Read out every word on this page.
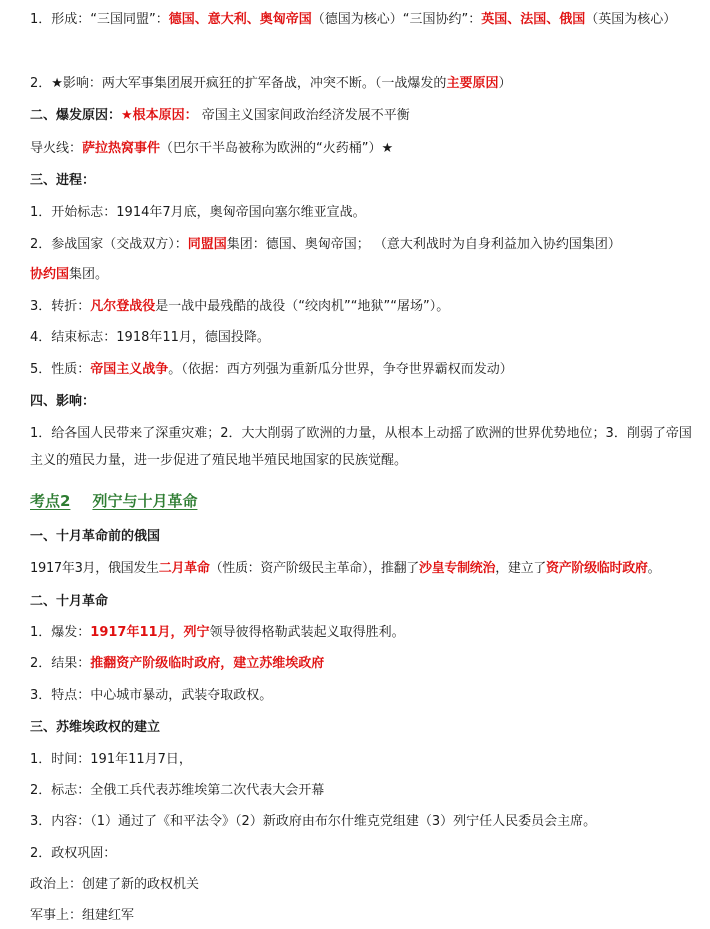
1．形成：“三国同盟”：德国、意大利、奥匈帝国（德国为核心）“三国协约”：英国、法国、俄国（英国为核心）
2．★影响：两大军事集团展开疯狂的扩军备战，冲突不断。（一战爆发的主要原因）
二、爆发原因：★根本原因： 帝国主义国家间政治经济发展不平衡
导火线：萨拉热窝事件（巴尔干半岛被称为欧洲的“火药桶”）★
三、进程：
1．开始标志：1914年7月底，奥匈帝国向塞尔维亚宣战。
2．参战国家（交战双方）：同盟国集团：德国、奥匈帝国； （意大利战时为自身利益加入协约国集团）
协约国集团。
3．转折：凡尔登战役是一战中最残酷的战役（“绞肉机”“地狱”“屠场”）。
4．结束标志：1918年11月，德国投降。
5．性质：帝国主义战争。（依据：西方列强为重新瓜分世界，争夺世界霸权而发动）
四、影响：
1．给各国人民带来了深重灾难；2．大大削弱了欧洲的力量，从根本上动摇了欧洲的世界优势地位；3．削弱了帝国主义的殖民力量，进一步促进了殖民地半殖民地国家的民族觉醒。
考点2 列宁与十月革命
一、十月革命前的俄国
1917年3月，俄国发生二月革命（性质：资产阶级民主革命），推翻了沙皇专制统治，建立了资产阶级临时政府。
二、十月革命
1．爆发：1917年11月，列宁领导彼得格勒武装起义取得胜利。
2．结果：推翻资产阶级临时政府，建立苏维埃政府
3．特点：中心城市暴动，武装夺取政权。
三、苏维埃政权的建立
1．时间：191年11月7日，
2．标志：全俄工兵代表苏维埃第二次代表大会开幕
3．内容：（1）通过了《和平法令》（2）新政府由布尔什维克党组建（3）列宁任人民委员会主席。
2．政权巩固：
政治上：创建了新的政权机关
军事上：组建红军
